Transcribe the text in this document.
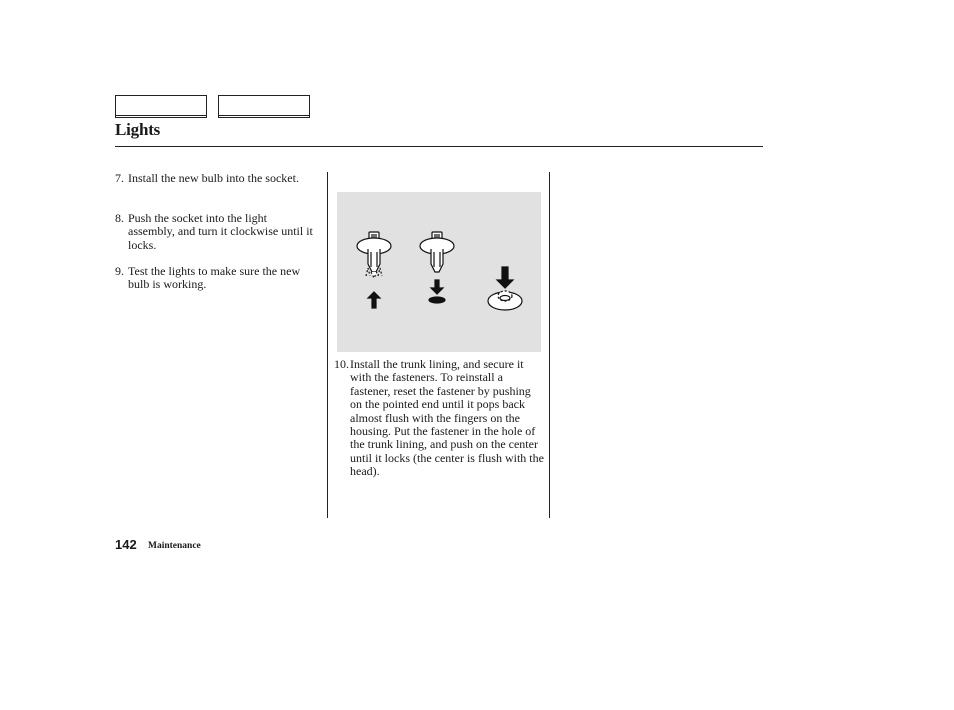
Lights
7. Install the new bulb into the socket.
8. Push the socket into the light assembly, and turn it clockwise until it locks.
9. Test the lights to make sure the new bulb is working.
10. Install the trunk lining, and secure it with the fasteners. To reinstall a fastener, reset the fastener by pushing on the pointed end until it pops back almost flush with the fingers on the housing. Put the fastener in the hole of the trunk lining, and push on the center until it locks (the center is flush with the head).
142 Maintenance
